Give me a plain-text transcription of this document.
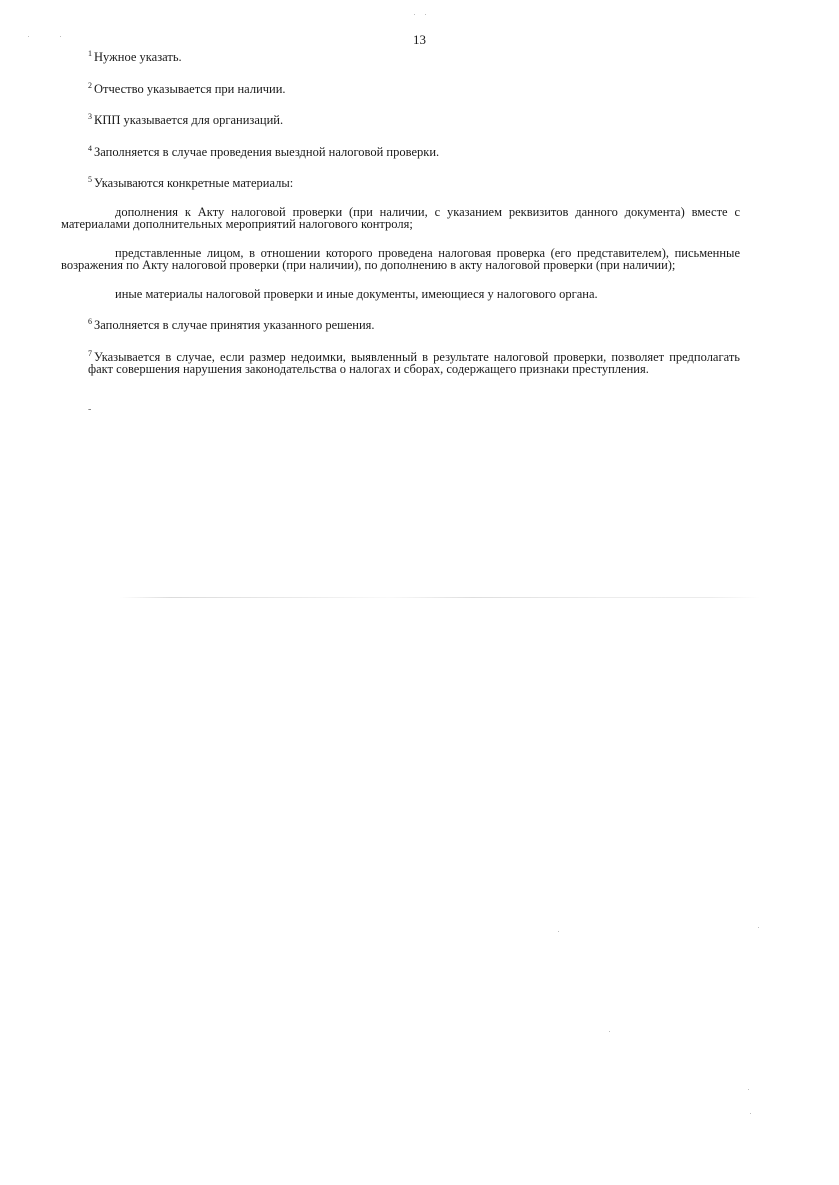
13

$^1$ Нужное указать.

$^2$ Отчество указывается при наличии.

$^3$ КПП указывается для организаций.

$^4$ Заполняется в случае проведения выездной налоговой проверки.

$^5$ Указываются конкретные материалы:

дополнения к Акту налоговой проверки (при наличии, с указанием реквизитов данного документа) вместе с материалами дополнительных мероприятий налогового контроля;

представленные лицом, в отношении которого проведена налоговая проверка (его представителем), письменные возражения по Акту налоговой проверки (при наличии), по дополнению в акту налоговой проверки (при наличии);

иные материалы налоговой проверки и иные документы, имеющиеся у налогового органа.

$^6$ Заполняется в случае принятия указанного решения.

$^7$ Указывается в случае, если размер недоимки, выявленный в результате налоговой проверки, позволяет предполагать факт совершения нарушения законодательства о налогах и сборах, содержащего признаки преступления.

-
